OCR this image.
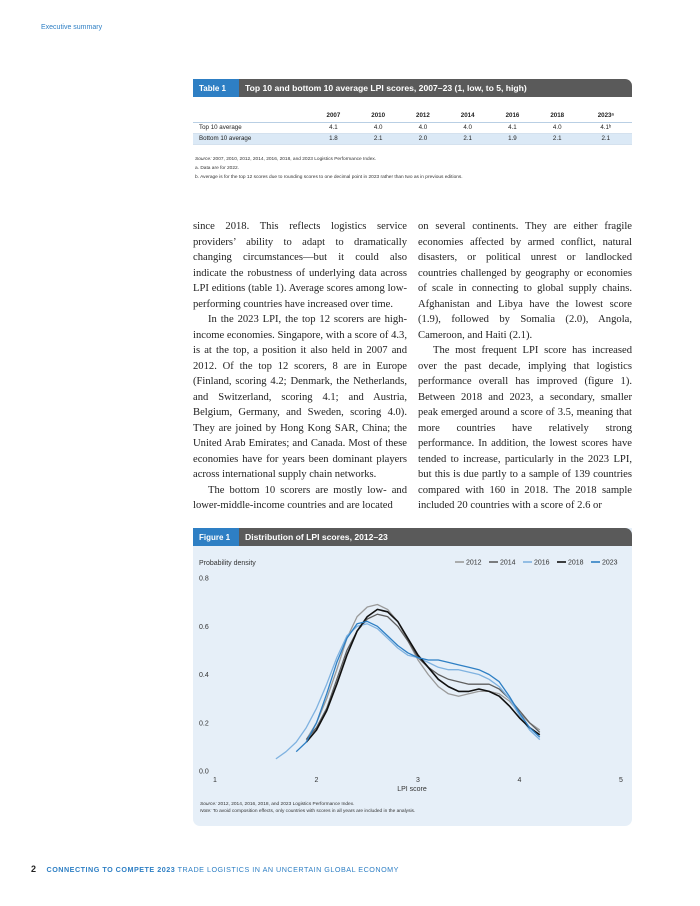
Executive summary
Table 1	Top 10 and bottom 10 average LPI scores, 2007–23 (1, low, to 5, high)
	2007	2010	2012	2014	2016	2018	2023ᵃ
Top 10 average	4.1	4.0	4.0	4.0	4.1	4.0	4.1ᵇ
Bottom 10 average	1.8	2.1	2.0	2.1	1.9	2.1	2.1
Source: 2007, 2010, 2012, 2014, 2016, 2018, and 2023 Logistics Performance Index.
a. Data are for 2022.
b. Average is for the top 12 scores due to rounding scores to one decimal point in 2023 rather than two as in previous editions.

since 2018. This reflects logistics service providers’ ability to adapt to dramatically changing circumstances—but it could also indicate the robustness of underlying data across LPI editions (table 1). Average scores among low-performing countries have increased over time.

In the 2023 LPI, the top 12 scorers are high-income economies. Singapore, with a score of 4.3, is at the top, a position it also held in 2007 and 2012. Of the top 12 scorers, 8 are in Europe (Finland, scoring 4.2; Denmark, the Netherlands, and Switzerland, scoring 4.1; and Austria, Belgium, Germany, and Sweden, scoring 4.0). They are joined by Hong Kong SAR, China; the United Arab Emirates; and Canada. Most of these economies have for years been dominant players across international supply chain networks.

The bottom 10 scorers are mostly low- and lower-middle-income countries and are located

on several continents. They are either fragile economies affected by armed conflict, natural disasters, or political unrest or landlocked countries challenged by geography or economies of scale in connecting to global supply chains. Afghanistan and Libya have the lowest score (1.9), followed by Somalia (2.0), Angola, Cameroon, and Haiti (2.1).

The most frequent LPI score has increased over the past decade, implying that logistics performance overall has improved (figure 1). Between 2018 and 2023, a secondary, smaller peak emerged around a score of 3.5, meaning that more countries have relatively strong performance. In addition, the lowest scores have tended to increase, particularly in the 2023 LPI, but this is due partly to a sample of 139 countries compared with 160 in 2018. The 2018 sample included 20 countries with a score of 2.6 or

Figure 1	Distribution of LPI scores, 2012–23
Probability density
LPI score
0.0
0.2
0.4
0.6
0.8
1	2	3	4	5
2012	2014	2016	2018	2023
Source: 2012, 2014, 2016, 2018, and 2023 Logistics Performance Index.
Note: To avoid composition effects, only countries with scores in all years are included in the analysis.
2 CONNECTING TO COMPETE 2023 TRADE LOGISTICS IN AN UNCERTAIN GLOBAL ECONOMY
